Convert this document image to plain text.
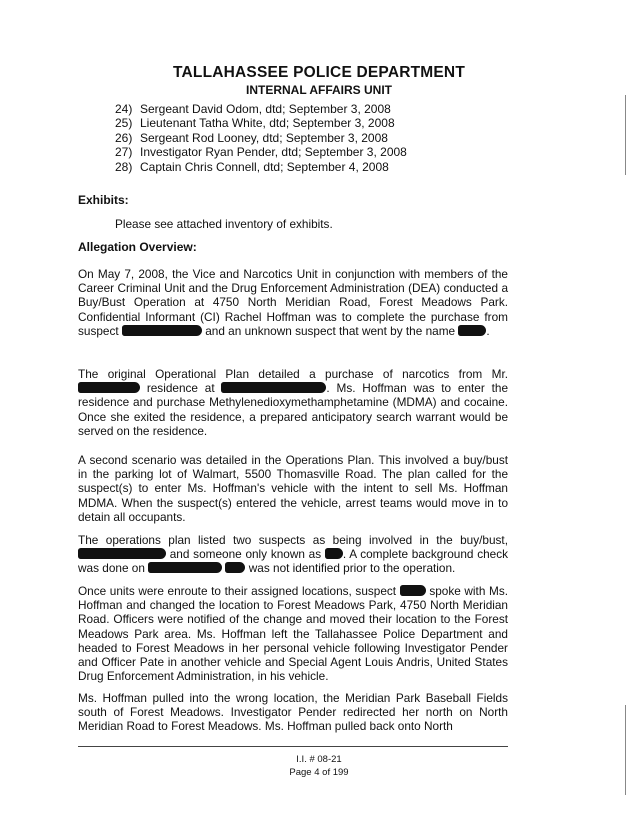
TALLAHASSEE POLICE DEPARTMENT
INTERNAL AFFAIRS UNIT
24) Sergeant David Odom, dtd; September 3, 2008
25) Lieutenant Tatha White, dtd; September 3, 2008
26) Sergeant Rod Looney, dtd; September 3, 2008
27) Investigator Ryan Pender, dtd; September 3, 2008
28) Captain Chris Connell, dtd; September 4, 2008
Exhibits:
Please see attached inventory of exhibits.
Allegation Overview:

On May 7, 2008, the Vice and Narcotics Unit in conjunction with members of the Career Criminal Unit and the Drug Enforcement Administration (DEA) conducted a Buy/Bust Operation at 4750 North Meridian Road, Forest Meadows Park. Confidential Informant (CI) Rachel Hoffman was to complete the purchase from suspect	and an unknown suspect that went by the name	.

The original Operational Plan detailed a purchase of narcotics from Mr.  residence at	. Ms. Hoffman was to enter the residence and purchase Methylenedioxymethamphetamine (MDMA) and cocaine. Once she exited the residence, a prepared anticipatory search warrant would be served on the residence.

A second scenario was detailed in the Operations Plan. This involved a buy/bust in the parking lot of Walmart, 5500 Thomasville Road. The plan called for the suspect(s) to enter Ms. Hoffman's vehicle with the intent to sell Ms. Hoffman MDMA. When the suspect(s) entered the vehicle, arrest teams would move in to detain all occupants.

The operations plan listed two suspects as being involved in the buy/bust,  and someone only known as . A complete background check was done on	was not identified prior to the operation.

Once units were enroute to their assigned locations, suspect	spoke with Ms. Hoffman and changed the location to Forest Meadows Park, 4750 North Meridian Road. Officers were notified of the change and moved their location to the Forest Meadows Park area. Ms. Hoffman left the Tallahassee Police Department and headed to Forest Meadows in her personal vehicle following Investigator Pender and Officer Pate in another vehicle and Special Agent Louis Andris, United States Drug Enforcement Administration, in his vehicle.

Ms. Hoffman pulled into the wrong location, the Meridian Park Baseball Fields south of Forest Meadows. Investigator Pender redirected her north on North Meridian Road to Forest Meadows. Ms. Hoffman pulled back onto North

I.I. # 08-21
Page 4 of 199
